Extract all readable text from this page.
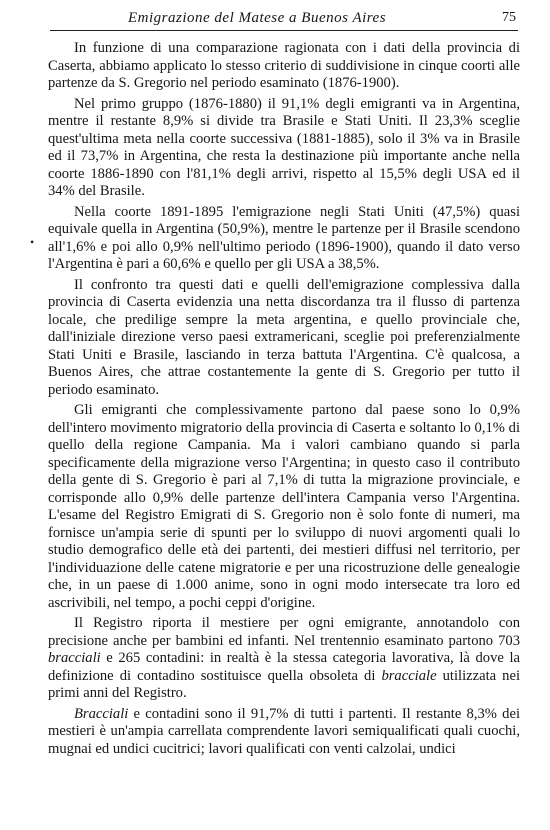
Emigrazione del Matese a Buenos Aires	75
•

In funzione di una comparazione ragionata con i dati della provincia di Caserta, abbiamo applicato lo stesso criterio di suddivisione in cinque coorti alle partenze da S. Gregorio nel periodo esaminato (1876-1900).

Nel primo gruppo (1876-1880) il 91,1% degli emigranti va in Argentina, mentre il restante 8,9% si divide tra Brasile e Stati Uniti. Il 23,3% sceglie quest'ultima meta nella coorte successiva (1881-1885), solo il 3% va in Brasile ed il 73,7% in Argentina, che resta la destinazione più importante anche nella coorte 1886-1890 con l'81,1% degli arrivi, rispetto al 15,5% degli USA ed il 34% del Brasile.

Nella coorte 1891-1895 l'emigrazione negli Stati Uniti (47,5%) quasi equivale quella in Argentina (50,9%), mentre le partenze per il Brasile scendono all'1,6% e poi allo 0,9% nell'ultimo periodo (1896-1900), quando il dato verso l'Argentina è pari a 60,6% e quello per gli USA a 38,5%.

Il confronto tra questi dati e quelli dell'emigrazione complessiva dalla provincia di Caserta evidenzia una netta discordanza tra il flusso di partenza locale, che predilige sempre la meta argentina, e quello provinciale che, dall'iniziale direzione verso paesi extramericani, sceglie poi preferenzialmente Stati Uniti e Brasile, lasciando in terza battuta l'Argentina. C'è qualcosa, a Buenos Aires, che attrae costantemente la gente di S. Gregorio per tutto il periodo esaminato.

Gli emigranti che complessivamente partono dal paese sono lo 0,9% dell'intero movimento migratorio della provincia di Caserta e soltanto lo 0,1% di quello della regione Campania. Ma i valori cambiano quando si parla specificamente della migrazione verso l'Argentina; in questo caso il contributo della gente di S. Gregorio è pari al 7,1% di tutta la migrazione provinciale, e corrisponde allo 0,9% delle partenze dell'intera Campania verso l'Argentina. L'esame del Registro Emigrati di S. Gregorio non è solo fonte di numeri, ma fornisce un'ampia serie di spunti per lo sviluppo di nuovi argomenti quali lo studio demografico delle età dei partenti, dei mestieri diffusi nel territorio, per l'individuazione delle catene migratorie e per una ricostruzione delle genealogie che, in un paese di 1.000 anime, sono in ogni modo intersecate tra loro ed ascrivibili, nel tempo, a pochi ceppi d'origine.

Il Registro riporta il mestiere per ogni emigrante, annotandolo con precisione anche per bambini ed infanti. Nel trentennio esaminato partono 703 bracciali e 265 contadini: in realtà è la stessa categoria lavorativa, là dove la definizione di contadino sostituisce quella obsoleta di bracciale utilizzata nei primi anni del Registro.

Bracciali e contadini sono il 91,7% di tutti i partenti. Il restante 8,3% dei mestieri è un'ampia carrellata comprendente lavori semiqualificati quali cuochi, mugnai ed undici cucitrici; lavori qualificati con venti calzolai, undici
